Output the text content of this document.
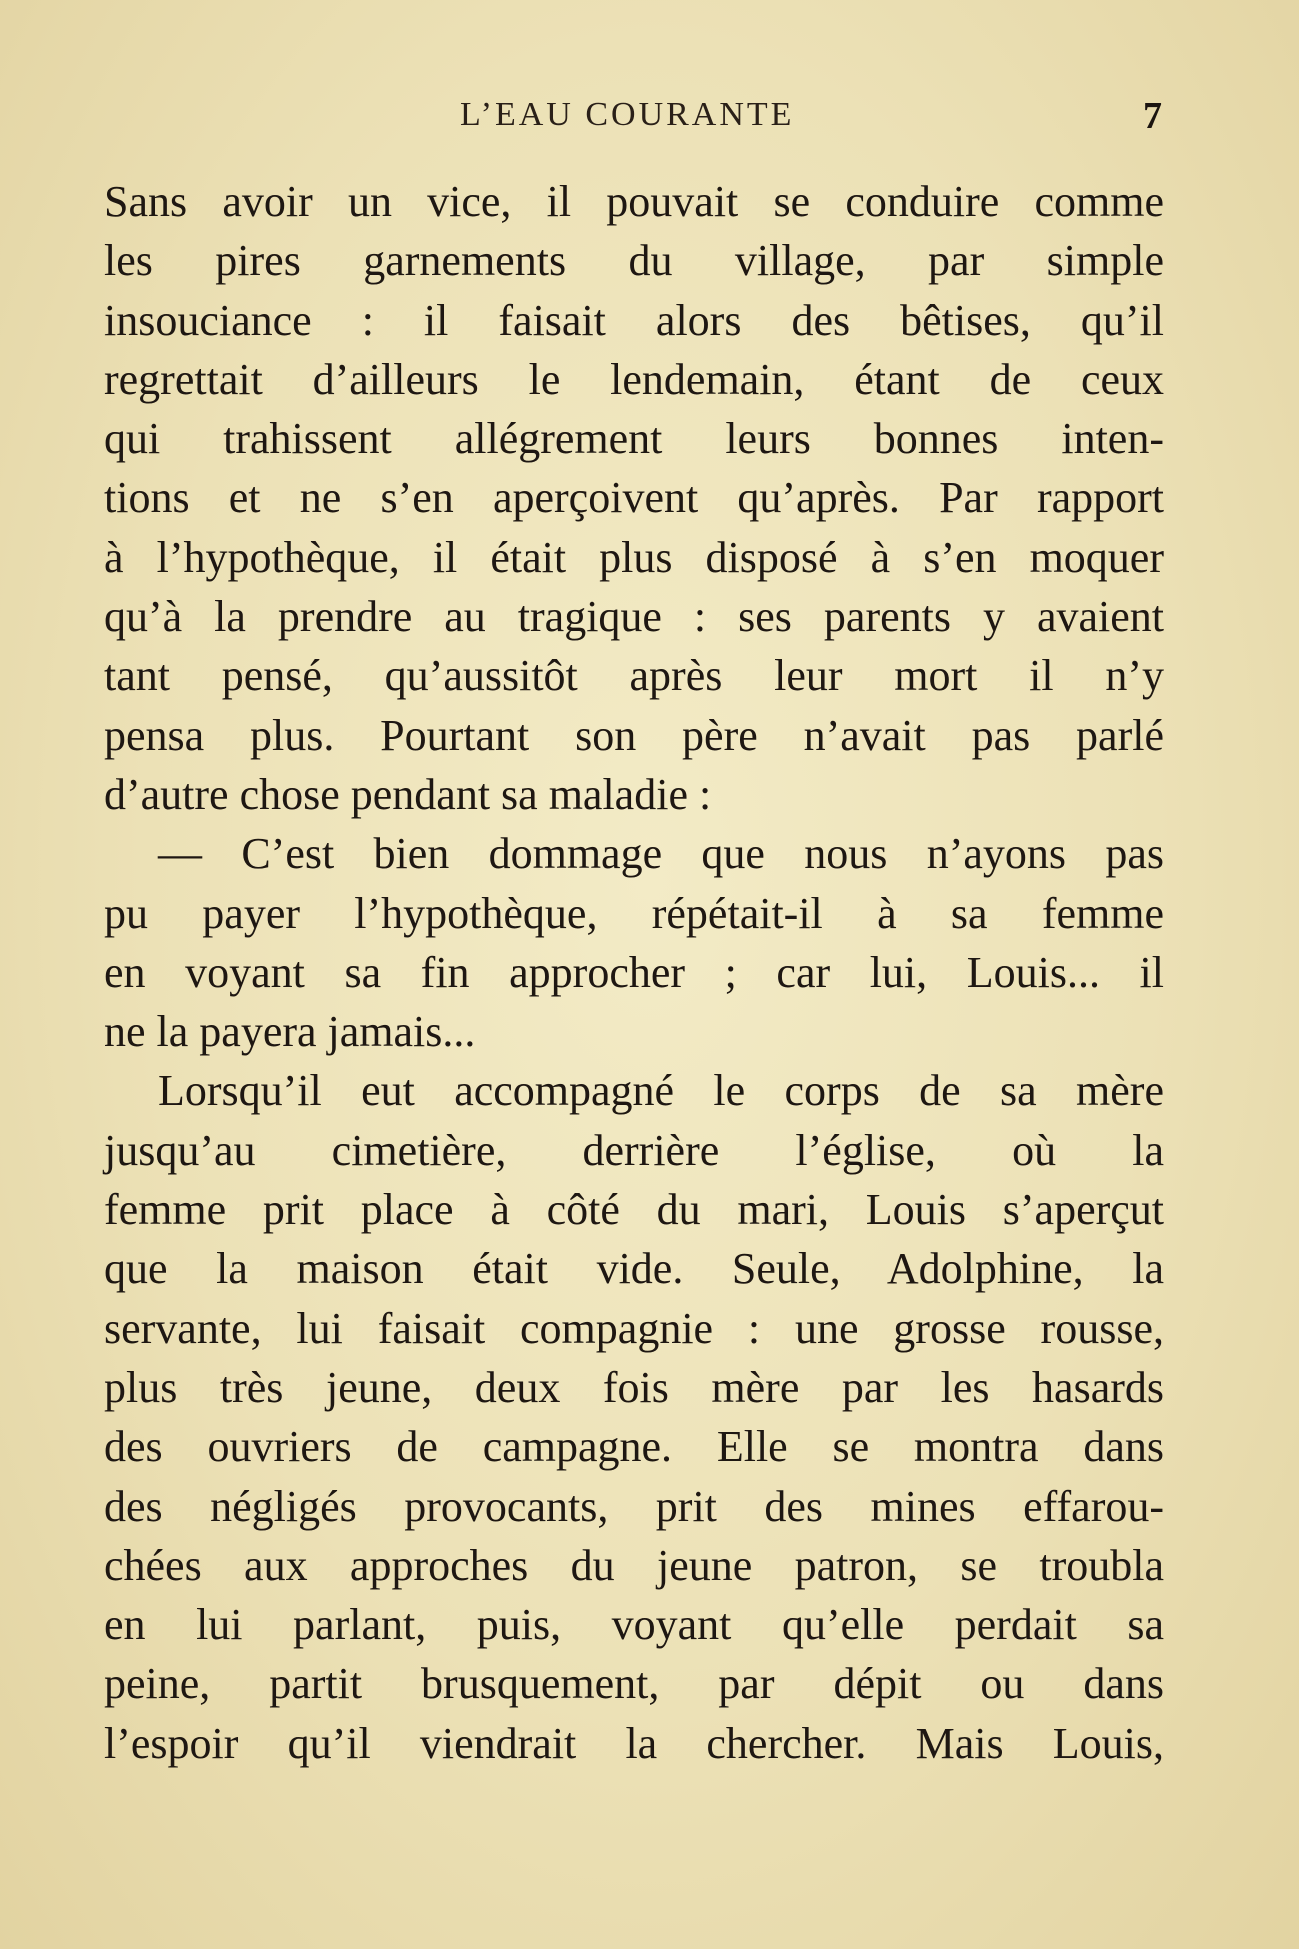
L’EAU COURANTE	7
Sans avoir un vice, il pouvait se conduire comme
les pires garnements du village, par simple
insouciance : il faisait alors des bêtises, qu’il
regrettait d’ailleurs le lendemain, étant de ceux
qui trahissent allégrement leurs bonnes inten-
tions et ne s’en aperçoivent qu’après. Par rapport
à l’hypothèque, il était plus disposé à s’en moquer
qu’à la prendre au tragique : ses parents y avaient
tant pensé, qu’aussitôt après leur mort il n’y
pensa plus. Pourtant son père n’avait pas parlé
d’autre chose pendant sa maladie :
— C’est bien dommage que nous n’ayons pas
pu payer l’hypothèque, répétait-il à sa femme
en voyant sa fin approcher ; car lui, Louis... il
ne la payera jamais...
Lorsqu’il eut accompagné le corps de sa mère
jusqu’au cimetière, derrière l’église, où la
femme prit place à côté du mari, Louis s’aperçut
que la maison était vide. Seule, Adolphine, la
servante, lui faisait compagnie : une grosse rousse,
plus très jeune, deux fois mère par les hasards
des ouvriers de campagne. Elle se montra dans
des négligés provocants, prit des mines effarou-
chées aux approches du jeune patron, se troubla
en lui parlant, puis, voyant qu’elle perdait sa
peine, partit brusquement, par dépit ou dans
l’espoir qu’il viendrait la chercher. Mais Louis,
